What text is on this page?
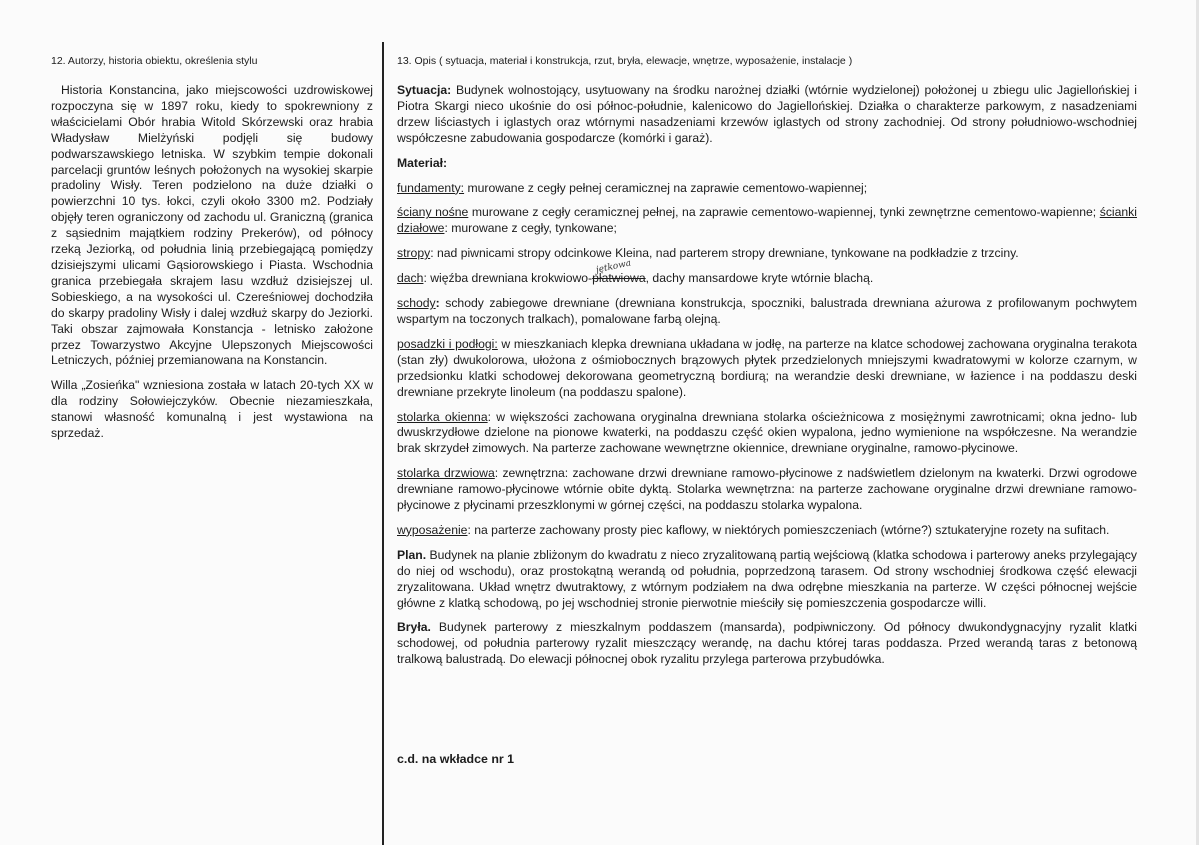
12. Autorzy, historia obiektu, określenia stylu

Historia Konstancina, jako miejscowości uzdrowiskowej rozpoczyna się w 1897 roku, kiedy to spokrewniony z właścicielami Obór hrabia Witold Skórzewski oraz hrabia Władysław Mielżyński podjęli się budowy podwarszawskiego letniska. W szybkim tempie dokonali parcelacji gruntów leśnych położonych na wysokiej skarpie pradoliny Wisły. Teren podzielono na duże działki o powierzchni 10 tys. łokci, czyli około 3300 m2. Podziały objęły teren ograniczony od zachodu ul. Graniczną (granica z sąsiednim majątkiem rodziny Prekerów), od północy rzeką Jeziorką, od południa linią przebiegającą pomiędzy dzisiejszymi ulicami Gąsiorowskiego i Piasta. Wschodnia granica przebiegała skrajem lasu wzdłuż dzisiejszej ul. Sobieskiego, a na wysokości ul. Czereśniowej dochodziła do skarpy pradoliny Wisły i dalej wzdłuż skarpy do Jeziorki. Taki obszar zajmowała Konstancja - letnisko założone przez Towarzystwo Akcyjne Ulepszonych Miejscowości Letniczych, później przemianowana na Konstancin.

Willa „Zosieńka" wzniesiona została w latach 20-tych XX w dla rodziny Sołowiejczyków. Obecnie niezamieszkała, stanowi własność komunalną i jest wystawiona na sprzedaż.

13. Opis ( sytuacja, materiał i konstrukcja, rzut, bryła, elewacje, wnętrze, wyposażenie, instalacje )

Sytuacja: Budynek wolnostojący, usytuowany na środku narożnej działki (wtórnie wydzielonej) położonej u zbiegu ulic Jagiellońskiej i Piotra Skargi nieco ukośnie do osi północ-południe, kalenicowo do Jagiellońskiej. Działka o charakterze parkowym, z nasadzeniami drzew liściastych i iglastych oraz wtórnymi nasadzeniami krzewów iglastych od strony zachodniej. Od strony południowo-wschodniej współczesne zabudowania gospodarcze (komórki i garaż).

Materiał:

fundamenty: murowane z cegły pełnej ceramicznej na zaprawie cementowo-wapiennej;

ściany nośne murowane z cegły ceramicznej pełnej, na zaprawie cementowo-wapiennej, tynki zewnętrzne cementowo-wapienne; ścianki działowe: murowane z cegły, tynkowane;

stropy: nad piwnicami stropy odcinkowe Kleina, nad parterem stropy drewniane, tynkowane na podkładzie z trzciny.

dach: więźba drewniana krokwiowo-płatwiowa
jętkowa
, dachy mansardowe kryte wtórnie blachą.

schody: schody zabiegowe drewniane (drewniana konstrukcja, spoczniki, balustrada drewniana ażurowa z profilowanym pochwytem wspartym na toczonych tralkach), pomalowane farbą olejną.

posadzki i podłogi: w mieszkaniach klepka drewniana układana w jodłę, na parterze na klatce schodowej zachowana oryginalna terakota (stan zły) dwukolorowa, ułożona z ośmiobocznych brązowych płytek przedzielonych mniejszymi kwadratowymi w kolorze czarnym, w przedsionku klatki schodowej dekorowana geometryczną bordiurą; na werandzie deski drewniane, w łazience i na poddaszu deski drewniane przekryte linoleum (na poddaszu spalone).

stolarka okienna: w większości zachowana oryginalna drewniana stolarka ościeżnicowa z mosiężnymi zawrotnicami; okna jedno- lub dwuskrzydłowe dzielone na pionowe kwaterki, na poddaszu część okien wypalona, jedno wymienione na współczesne. Na werandzie brak skrzydeł zimowych. Na parterze zachowane wewnętrzne okiennice, drewniane oryginalne, ramowo-płycinowe.

stolarka drzwiowa: zewnętrzna: zachowane drzwi drewniane ramowo-płycinowe z nadświetlem dzielonym na kwaterki. Drzwi ogrodowe drewniane ramowo-płycinowe wtórnie obite dyktą. Stolarka wewnętrzna: na parterze zachowane oryginalne drzwi drewniane ramowo-płycinowe z płycinami przeszklonymi w górnej części, na poddaszu stolarka wypalona.

wyposażenie: na parterze zachowany prosty piec kaflowy, w niektórych pomieszczeniach (wtórne?) sztukateryjne rozety na sufitach.

Plan. Budynek na planie zbliżonym do kwadratu z nieco zryzalitowaną partią wejściową (klatka schodowa i parterowy aneks przylegający do niej od wschodu), oraz prostokątną werandą od południa, poprzedzoną tarasem. Od strony wschodniej środkowa część elewacji zryzalitowana. Układ wnętrz dwutraktowy, z wtórnym podziałem na dwa odrębne mieszkania na parterze. W części północnej wejście główne z klatką schodową, po jej wschodniej stronie pierwotnie mieściły się pomieszczenia gospodarcze willi.

Bryła. Budynek parterowy z mieszkalnym poddaszem (mansarda), podpiwniczony. Od północy dwukondygnacyjny ryzalit klatki schodowej, od południa parterowy ryzalit mieszczący werandę, na dachu której taras poddasza. Przed werandą taras z betonową tralkową balustradą. Do elewacji północnej obok ryzalitu przylega parterowa przybudówka.

c.d. na wkładce nr 1
